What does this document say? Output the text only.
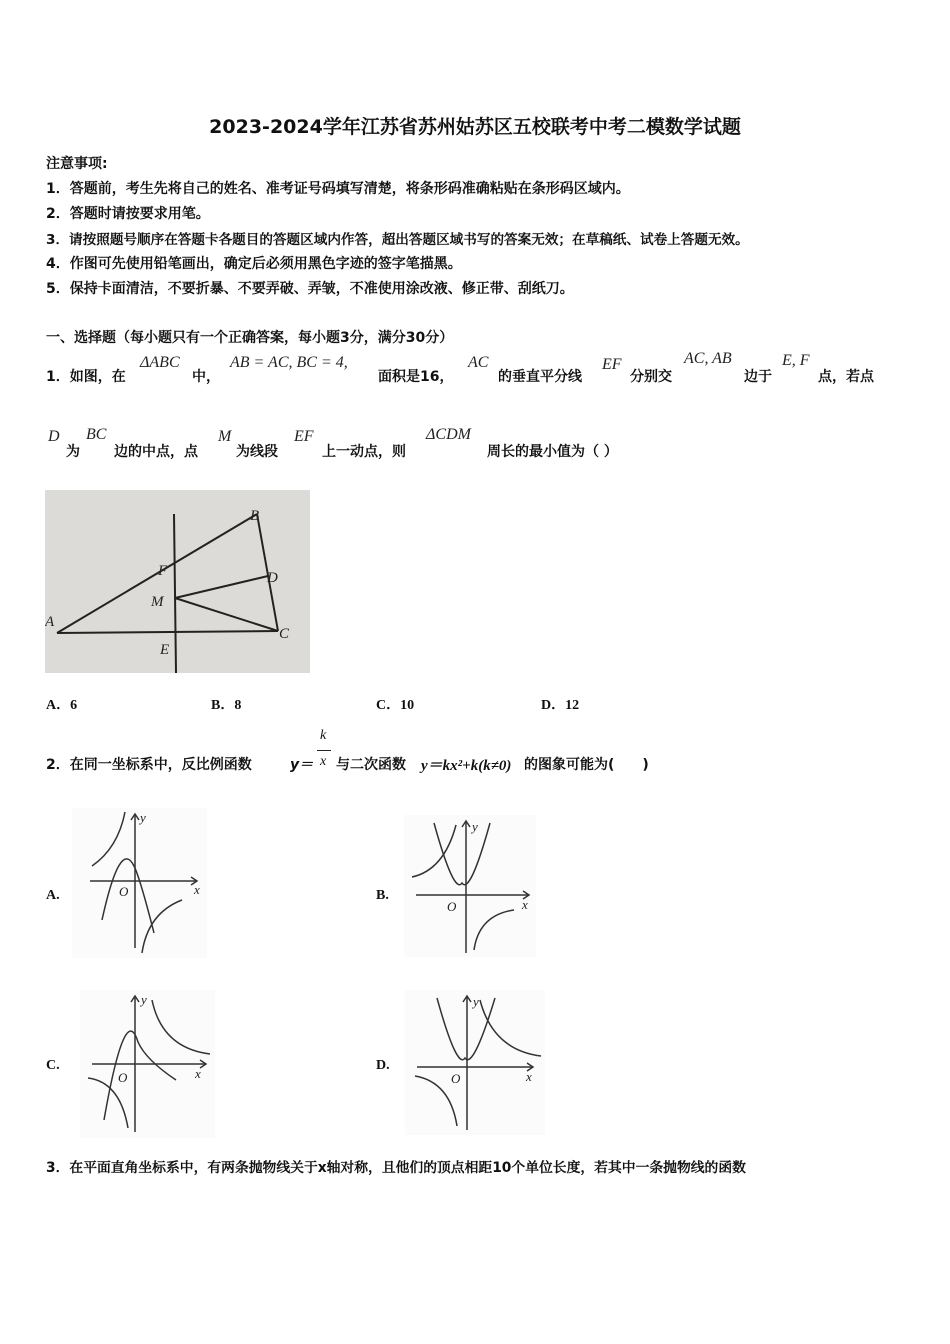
2023-2024学年江苏省苏州姑苏区五校联考中考二模数学试题
注意事项:
1．答题前，考生先将自己的姓名、准考证号码填写清楚，将条形码准确粘贴在条形码区域内。
2．答题时请按要求用笔。
3．请按照题号顺序在答题卡各题目的答题区域内作答，超出答题区域书写的答案无效；在草稿纸、试卷上答题无效。
4．作图可先使用铅笔画出，确定后必须用黑色字迹的签字笔描黑。
5．保持卡面清洁，不要折暴、不要弄破、弄皱，不准使用涂改液、修正带、刮纸刀。
一、选择题（每小题只有一个正确答案，每小题3分，满分30分）
1．如图，在
ΔABC
中，
AB = AC, BC = 4,
面积是16，
AC
的垂直平分线
EF
分别交
AC, AB
边于
E, F
点，若点
D
为
BC
边的中点，点
M
为线段
EF
上一动点，则
ΔCDM
周长的最小值为（ ）
A
B
C
D
E
F
M
A．6	B．8	C．10	D．12
2．在同一坐标系中，反比例函数	y＝
k
x 与二次函数 y＝kx²+k(k≠0) 的图象可能为(　　)
A.	x
y
O	B.
x
y
O
C.
x
y
O
D.
x
y
O
3．在平面直角坐标系中，有两条抛物线关于x轴对称，且他们的顶点相距10个单位长度，若其中一条抛物线的函数
